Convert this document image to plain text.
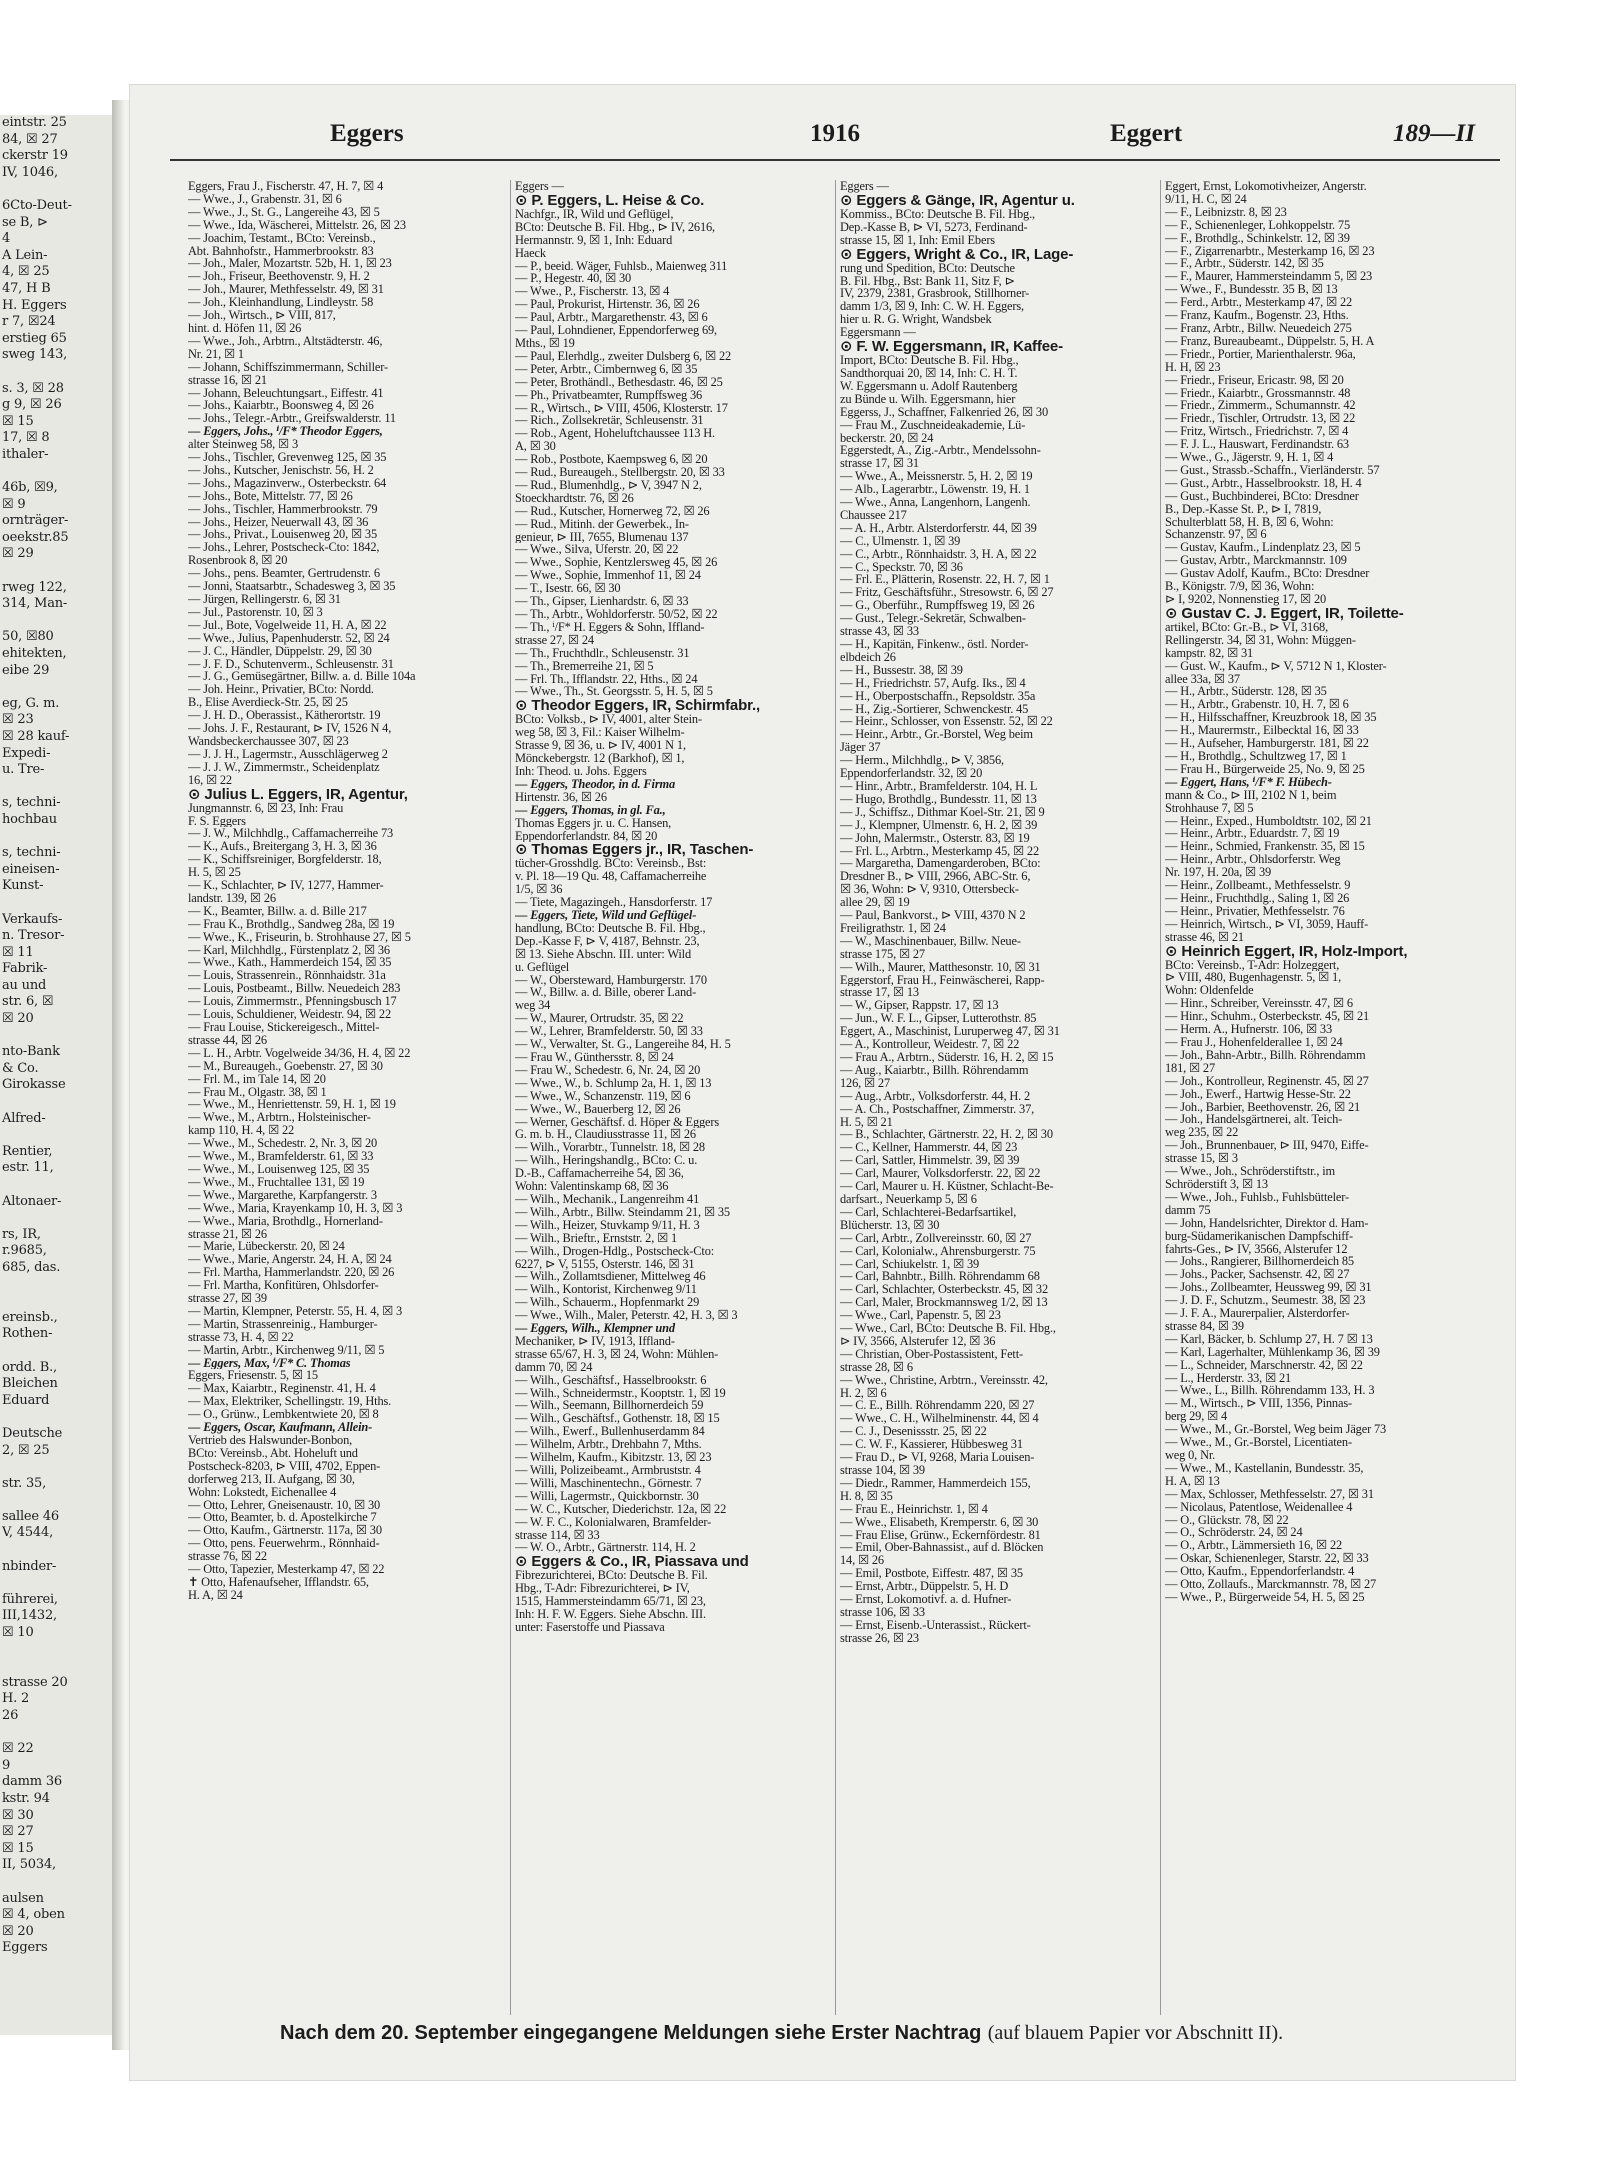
eintstr. 25
84, ☒ 27
ckerstr 19
IV, 1046,

6Cto-Deut-
se B, ⊳
4
A Lein-
4, ☒ 25
47, H B
H. Eggers
r 7, ☒24
erstieg 65
sweg 143,

s. 3, ☒ 28
g 9, ☒ 26
☒ 15
17, ☒ 8
ithaler-

46b, ☒9,
☒ 9
ornträger-
oeekstr.85
☒ 29

rweg 122,
314, Man-

50, ☒80
ehitekten,
eibe 29

eg, G. m.
☒ 23
☒ 28 kauf-
Expedi-
u. Tre-

s, techni-
hochbau

s, techni-
eineisen-
Kunst-

Verkaufs-
n. Tresor-
☒ 11
Fabrik-
au und
str. 6, ☒
☒ 20

nto-Bank
& Co.
Girokasse

Alfred-

Rentier,
estr. 11,

Altonaer-

rs, IR,
r.9685,
685, das.

ereinsb.,
Rothen-

ordd. B.,
Bleichen
Eduard

Deutsche
2, ☒ 25

str. 35,

sallee 46
V, 4544,

nbinder-

führerei,
III,1432,
☒ 10

strasse 20
H. 2
26

☒ 22
9
damm 36
kstr. 94
☒ 30
☒ 27
☒ 15
II, 5034,

aulsen
☒ 4, oben
☒ 20
Eggers
Eggers	1916	Eggert	189—II
Eggers, Frau J., Fischerstr. 47, H. 7, ☒ 4
— Wwe., J., Grabenstr. 31, ☒ 6
— Wwe., J., St. G., Langereihe 43, ☒ 5
— Wwe., Ida, Wäscherei, Mittelstr. 26, ☒ 23
— Joachim, Testamt., BCto: Vereinsb.,
Abt. Bahnhofstr., Hammerbrookstr. 83
— Joh., Maler, Mozartstr. 52b, H. 1, ☒ 23
— Joh., Friseur, Beethovenstr. 9, H. 2
— Joh., Maurer, Methfesselstr. 49, ☒ 31
— Joh., Kleinhandlung, Lindleystr. 58
— Joh., Wirtsch., ⊳ VIII, 817,
hint. d. Höfen 11, ☒ 26
— Wwe., Joh., Arbtrn., Altstädterstr. 46,
Nr. 21, ☒ 1
— Johann, Schiffszimmermann, Schiller-
strasse 16, ☒ 21
— Johann, Beleuchtungsart., Eiffestr. 41
— Johs., Kaiarbtr., Boonsweg 4, ☒ 26
— Johs., Telegr.-Arbtr., Greifswalderstr. 11
— Eggers, Johs., ⁱ/F* Theodor Eggers,
alter Steinweg 58, ☒ 3
— Johs., Tischler, Grevenweg 125, ☒ 35
— Johs., Kutscher, Jenischstr. 56, H. 2
— Johs., Magazinverw., Osterbeckstr. 64
— Johs., Bote, Mittelstr. 77, ☒ 26
— Johs., Tischler, Hammerbrookstr. 79
— Johs., Heizer, Neuerwall 43, ☒ 36
— Johs., Privat., Louisenweg 20, ☒ 35
— Johs., Lehrer, Postscheck-Cto: 1842,
Rosenbrook 8, ☒ 20
— Johs., pens. Beamter, Gertrudenstr. 6
— Jonni, Staatsarbtr., Schadesweg 3, ☒ 35
— Jürgen, Rellingerstr. 6, ☒ 31
— Jul., Pastorenstr. 10, ☒ 3
— Jul., Bote, Vogelweide 11, H. A, ☒ 22
— Wwe., Julius, Papenhuderstr. 52, ☒ 24
— J. C., Händler, Düppelstr. 29, ☒ 30
— J. F. D., Schutenverm., Schleusenstr. 31
— J. G., Gemüsegärtner, Billw. a. d. Bille 104a
— Joh. Heinr., Privatier, BCto: Nordd.
B., Elise Averdieck-Str. 25, ☒ 25
— J. H. D., Oberassist., Kätherortstr. 19
— Johs. J. F., Restaurant, ⊳ IV, 1526 N 4,
Wandsbeckerchaussee 307, ☒ 23
— J. J. H., Lagermstr., Ausschlägerweg 2
— J. J. W., Zimmermstr., Scheidenplatz
16, ☒ 22
⊙ Julius L. Eggers, IR, Agentur,
Jungmannstr. 6, ☒ 23, Inh: Frau
F. S. Eggers
— J. W., Milchhdlg., Caffamacherreihe 73
— K., Aufs., Breitergang 3, H. 3, ☒ 36
— K., Schiffsreiniger, Borgfelderstr. 18,
H. 5, ☒ 25
— K., Schlachter, ⊳ IV, 1277, Hammer-
landstr. 139, ☒ 26
— K., Beamter, Billw. a. d. Bille 217
— Frau K., Brothdlg., Sandweg 28a, ☒ 19
— Wwe., K., Friseurin, b. Strohhause 27, ☒ 5
— Karl, Milchhdlg., Fürstenplatz 2, ☒ 36
— Wwe., Kath., Hammerdeich 154, ☒ 35
— Louis, Strassenrein., Rönnhaidstr. 31a
— Louis, Postbeamt., Billw. Neuedeich 283
— Louis, Zimmermstr., Pfenningsbusch 17
— Louis, Schuldiener, Weidestr. 94, ☒ 22
— Frau Louise, Stickereigesch., Mittel-
strasse 44, ☒ 26
— L. H., Arbtr. Vogelweide 34/36, H. 4, ☒ 22
— M., Bureaugeh., Goebenstr. 27, ☒ 30
— Frl. M., im Tale 14, ☒ 20
— Frau M., Olgastr. 38, ☒ 1
— Wwe., M., Henriettenstr. 59, H. 1, ☒ 19
— Wwe., M., Arbtrn., Holsteinischer-
kamp 110, H. 4, ☒ 22
— Wwe., M., Schedestr. 2, Nr. 3, ☒ 20
— Wwe., M., Bramfelderstr. 61, ☒ 33
— Wwe., M., Louisenweg 125, ☒ 35
— Wwe., M., Fruchtallee 131, ☒ 19
— Wwe., Margarethe, Karpfangerstr. 3
— Wwe., Maria, Krayenkamp 10, H. 3, ☒ 3
— Wwe., Maria, Brothdlg., Hornerland-
strasse 21, ☒ 26
— Marie, Lübeckerstr. 20, ☒ 24
— Wwe., Marie, Angerstr. 24, H. A, ☒ 24
— Frl. Martha, Hammerlandstr. 220, ☒ 26
— Frl. Martha, Konfitüren, Ohlsdorfer-
strasse 27, ☒ 39
— Martin, Klempner, Peterstr. 55, H. 4, ☒ 3
— Martin, Strassenreinig., Hamburger-
strasse 73, H. 4, ☒ 22
— Martin, Arbtr., Kirchenweg 9/11, ☒ 5
— Eggers, Max, ⁱ/F* C. Thomas
Eggers, Friesenstr. 5, ☒ 15
— Max, Kaiarbtr., Reginenstr. 41, H. 4
— Max, Elektriker, Schellingstr. 19, Hths.
— O., Grünw., Lembkentwiete 20, ☒ 8
— Eggers, Oscar, Kaufmann, Allein-
Vertrieb des Halswunder-Bonbon,
BCto: Vereinsb., Abt. Hoheluft und
Postscheck-8203, ⊳ VIII, 4702, Eppen-
dorferweg 213, II. Aufgang, ☒ 30,
Wohn: Lokstedt, Eichenallee 4
— Otto, Lehrer, Gneisenaustr. 10, ☒ 30
— Otto, Beamter, b. d. Apostelkirche 7
— Otto, Kaufm., Gärtnerstr. 117a, ☒ 30
— Otto, pens. Feuerwehrm., Rönnhaid-
strasse 76, ☒ 22
— Otto, Tapezier, Mesterkamp 47, ☒ 22
✝ Otto, Hafenaufseher, Ifflandstr. 65,
H. A, ☒ 24
Eggers —
⊙ P. Eggers, L. Heise & Co.
Nachfgr., IR, Wild und Geflügel,
BCto: Deutsche B. Fil. Hbg., ⊳ IV, 2616,
Hermannstr. 9, ☒ 1, Inh: Eduard
Haeck
— P., beeid. Wäger, Fuhlsb., Maienweg 311
— P., Hegestr. 40, ☒ 30
— Wwe., P., Fischerstr. 13, ☒ 4
— Paul, Prokurist, Hirtenstr. 36, ☒ 26
— Paul, Arbtr., Margarethenstr. 43, ☒ 6
— Paul, Lohndiener, Eppendorferweg 69,
Mths., ☒ 19
— Paul, Elerhdlg., zweiter Dulsberg 6, ☒ 22
— Peter, Arbtr., Cimbernweg 6, ☒ 35
— Peter, Brothändl., Bethesdastr. 46, ☒ 25
— Ph., Privatbeamter, Rumpffsweg 36
— R., Wirtsch., ⊳ VIII, 4506, Klosterstr. 17
— Rich., Zollsekretär, Schleusenstr. 31
— Rob., Agent, Hoheluftchaussee 113 H.
A, ☒ 30
— Rob., Postbote, Kaempsweg 6, ☒ 20
— Rud., Bureaugeh., Stellbergstr. 20, ☒ 33
— Rud., Blumenhdlg., ⊳ V, 3947 N 2,
Stoeckhardtstr. 76, ☒ 26
— Rud., Kutscher, Hornerweg 72, ☒ 26
— Rud., Mitinh. der Gewerbek., In-
genieur, ⊳ III, 7655, Blumenau 137
— Wwe., Silva, Uferstr. 20, ☒ 22
— Wwe., Sophie, Kentzlersweg 45, ☒ 26
— Wwe., Sophie, Immenhof 11, ☒ 24
— T., Isestr. 66, ☒ 30
— Th., Gipser, Lienhardstr. 6, ☒ 33
— Th., Arbtr., Wohldorferstr. 50/52, ☒ 22
— Th., ⁱ/F* H. Eggers & Sohn, Iffland-
strasse 27, ☒ 24
— Th., Fruchthdlr., Schleusenstr. 31
— Th., Bremerreihe 21, ☒ 5
— Frl. Th., Ifflandstr. 22, Hths., ☒ 24
— Wwe., Th., St. Georgsstr. 5, H. 5, ☒ 5
⊙ Theodor Eggers, IR, Schirmfabr.,
BCto: Volksb., ⊳ IV, 4001, alter Stein-
weg 58, ☒ 3, Fil.: Kaiser Wilhelm-
Strasse 9, ☒ 36, u. ⊳ IV, 4001 N 1,
Mönckebergstr. 12 (Barkhof), ☒ 1,
Inh: Theod. u. Johs. Eggers
— Eggers, Theodor, in d. Firma
Hirtenstr. 36, ☒ 26
— Eggers, Thomas, in gl. Fa.,
Thomas Eggers jr. u. C. Hansen,
Eppendorferlandstr. 84, ☒ 20
⊙ Thomas Eggers jr., IR, Taschen-
tücher-Grosshdlg. BCto: Vereinsb., Bst:
v. Pl. 18—19 Qu. 48, Caffamacherreihe
1/5, ☒ 36
— Tiete, Magazingeh., Hansdorferstr. 17
— Eggers, Tiete, Wild und Geflügel-
handlung, BCto: Deutsche B. Fil. Hbg.,
Dep.-Kasse F, ⊳ V, 4187, Behnstr. 23,
☒ 13. Siehe Abschn. III. unter: Wild
u. Geflügel
— W., Obersteward, Hamburgerstr. 170
— W., Billw. a. d. Bille, oberer Land-
weg 34
— W., Maurer, Ortrudstr. 35, ☒ 22
— W., Lehrer, Bramfelderstr. 50, ☒ 33
— W., Verwalter, St. G., Langereihe 84, H. 5
— Frau W., Günthersstr. 8, ☒ 24
— Frau W., Schedestr. 6, Nr. 24, ☒ 20
— Wwe., W., b. Schlump 2a, H. 1, ☒ 13
— Wwe., W., Schanzenstr. 119, ☒ 6
— Wwe., W., Bauerberg 12, ☒ 26
— Werner, Geschäftsf. d. Höper & Eggers
G. m. b. H., Claudiusstrasse 11, ☒ 26
— Wilh., Vorarbtr., Tunnelstr. 18, ☒ 28
— Wilh., Heringshandlg., BCto: C. u.
D.-B., Caffamacherreihe 54, ☒ 36,
Wohn: Valentinskamp 68, ☒ 36
— Wilh., Mechanik., Langenreihm 41
— Wilh., Arbtr., Billw. Steindamm 21, ☒ 35
— Wilh., Heizer, Stuvkamp 9/11, H. 3
— Wilh., Brieftr., Ernststr. 2, ☒ 1
— Wilh., Drogen-Hdlg., Postscheck-Cto:
6227, ⊳ V, 5155, Osterstr. 146, ☒ 31
— Wilh., Zollamtsdiener, Mittelweg 46
— Wilh., Kontorist, Kirchenweg 9/11
— Wilh., Schauerm., Hopfenmarkt 29
— Wwe., Wilh., Maler, Peterstr. 42, H. 3, ☒ 3
— Eggers, Wilh., Klempner und
Mechaniker, ⊳ IV, 1913, Iffland-
strasse 65/67, H. 3, ☒ 24, Wohn: Mühlen-
damm 70, ☒ 24
— Wilh., Geschäftsf., Hasselbrookstr. 6
— Wilh., Schneidermstr., Kooptstr. 1, ☒ 19
— Wilh., Seemann, Billhornerdeich 59
— Wilh., Geschäftsf., Gothenstr. 18, ☒ 15
— Wilh., Ewerf., Bullenhuserdamm 84
— Wilhelm, Arbtr., Drehbahn 7, Mths.
— Wilhelm, Kaufm., Kibitzstr. 13, ☒ 23
— Willi, Polizeibeamt., Armbruststr. 4
— Willi, Maschinentechn., Görnestr. 7
— Willi, Lagermstr., Quickbornstr. 30
— W. C., Kutscher, Diederichstr. 12a, ☒ 22
— W. F. C., Kolonialwaren, Bramfelder-
strasse 114, ☒ 33
— W. O., Arbtr., Gärtnerstr. 114, H. 2
⊙ Eggers & Co., IR, Piassava und
Fibrezurichterei, BCto: Deutsche B. Fil.
Hbg., T-Adr: Fibrezurichterei, ⊳ IV,
1515, Hammersteindamm 65/71, ☒ 23,
Inh: H. F. W. Eggers. Siehe Abschn. III.
unter: Faserstoffe und Piassava
Eggers —
⊙ Eggers & Gänge, IR, Agentur u.
Kommiss., BCto: Deutsche B. Fil. Hbg.,
Dep.-Kasse B, ⊳ VI, 5273, Ferdinand-
strasse 15, ☒ 1, Inh: Emil Ebers
⊙ Eggers, Wright & Co., IR, Lage-
rung und Spedition, BCto: Deutsche
B. Fil. Hbg., Bst: Bank 11, Sitz F, ⊳
IV, 2379, 2381, Grasbrook, Stillhorner-
damm 1/3, ☒ 9, Inh: C. W. H. Eggers,
hier u. R. G. Wright, Wandsbek
Eggersmann —
⊙ F. W. Eggersmann, IR, Kaffee-
Import, BCto: Deutsche B. Fil. Hbg.,
Sandthorquai 20, ☒ 14, Inh: C. H. T.
W. Eggersmann u. Adolf Rautenberg
zu Bünde u. Wilh. Eggersmann, hier
Eggerss, J., Schaffner, Falkenried 26, ☒ 30
— Frau M., Zuschneideakademie, Lü-
beckerstr. 20, ☒ 24
Eggerstedt, A., Zig.-Arbtr., Mendelssohn-
strasse 17, ☒ 31
— Wwe., A., Meissnerstr. 5, H. 2, ☒ 19
— Alb., Lagerarbtr., Löwenstr. 19, H. 1
— Wwe., Anna, Langenhorn, Langenh.
Chaussee 217
— A. H., Arbtr. Alsterdorferstr. 44, ☒ 39
— C., Ulmenstr. 1, ☒ 39
— C., Arbtr., Rönnhaidstr. 3, H. A, ☒ 22
— C., Speckstr. 70, ☒ 36
— Frl. E., Plätterin, Rosenstr. 22, H. 7, ☒ 1
— Fritz, Geschäftsführ., Stresowstr. 6, ☒ 27
— G., Oberführ., Rumpffsweg 19, ☒ 26
— Gust., Telegr.-Sekretär, Schwalben-
strasse 43, ☒ 33
— H., Kapitän, Finkenw., östl. Norder-
elbdeich 26
— H., Bussestr. 38, ☒ 39
— H., Friedrichstr. 57, Aufg. Iks., ☒ 4
— H., Oberpostschaffn., Repsoldstr. 35a
— H., Zig.-Sortierer, Schwenckestr. 45
— Heinr., Schlosser, von Essenstr. 52, ☒ 22
— Heinr., Arbtr., Gr.-Borstel, Weg beim
Jäger 37
— Herm., Milchhdlg., ⊳ V, 3856,
Eppendorferlandstr. 32, ☒ 20
— Hinr., Arbtr., Bramfelderstr. 104, H. L
— Hugo, Brothdlg., Bundesstr. 11, ☒ 13
— J., Schiffsz., Dithmar Koel-Str. 21, ☒ 9
— J., Klempner, Ulmenstr. 6, H. 2, ☒ 39
— John, Malermstr., Osterstr. 83, ☒ 19
— Frl. L., Arbtrn., Mesterkamp 45, ☒ 22
— Margaretha, Damengarderoben, BCto:
Dresdner B., ⊳ VIII, 2966, ABC-Str. 6,
☒ 36, Wohn: ⊳ V, 9310, Ottersbeck-
allee 29, ☒ 19
— Paul, Bankvorst., ⊳ VIII, 4370 N 2
Freiligrathstr. 1, ☒ 24
— W., Maschinenbauer, Billw. Neue-
strasse 175, ☒ 27
— Wilh., Maurer, Matthesonstr. 10, ☒ 31
Eggerstorf, Frau H., Feinwäscherei, Rapp-
strasse 17, ☒ 13
— W., Gipser, Rappstr. 17, ☒ 13
— Jun., W. F. L., Gipser, Lutterothstr. 85
Eggert, A., Maschinist, Luruperweg 47, ☒ 31
— A., Kontrolleur, Weidestr. 7, ☒ 22
— Frau A., Arbtrn., Süderstr. 16, H. 2, ☒ 15
— Aug., Kaiarbtr., Billh. Röhrendamm
126, ☒ 27
— Aug., Arbtr., Volksdorferstr. 44, H. 2
— A. Ch., Postschaffner, Zimmerstr. 37,
H. 5, ☒ 21
— B., Schlachter, Gärtnerstr. 22, H. 2, ☒ 30
— C., Kellner, Hammerstr. 44, ☒ 23
— Carl, Sattler, Himmelstr. 39, ☒ 39
— Carl, Maurer, Volksdorferstr. 22, ☒ 22
— Carl, Maurer u. H. Küstner, Schlacht-Be-
darfsart., Neuerkamp 5, ☒ 6
— Carl, Schlachterei-Bedarfsartikel,
Blücherstr. 13, ☒ 30
— Carl, Arbtr., Zollvereinsstr. 60, ☒ 27
— Carl, Kolonialw., Ahrensburgerstr. 75
— Carl, Schiukelstr. 1, ☒ 39
— Carl, Bahnbtr., Billh. Röhrendamm 68
— Carl, Schlachter, Osterbeckstr. 45, ☒ 32
— Carl, Maler, Brockmannsweg 1/2, ☒ 13
— Wwe., Carl, Papenstr. 5, ☒ 23
— Wwe., Carl, BCto: Deutsche B. Fil. Hbg.,
⊳ IV, 3566, Alsterufer 12, ☒ 36
— Christian, Ober-Postassistent, Fett-
strasse 28, ☒ 6
— Wwe., Christine, Arbtrn., Vereinsstr. 42,
H. 2, ☒ 6
— C. E., Billh. Röhrendamm 220, ☒ 27
— Wwe., C. H., Wilhelminenstr. 44, ☒ 4
— C. J., Desenissstr. 25, ☒ 22
— C. W. F., Kassierer, Hübbesweg 31
— Frau D., ⊳ VI, 9268, Maria Louisen-
strasse 104, ☒ 39
— Diedr., Rammer, Hammerdeich 155,
H. 8, ☒ 35
— Frau E., Heinrichstr. 1, ☒ 4
— Wwe., Elisabeth, Kremperstr. 6, ☒ 30
— Frau Elise, Grünw., Eckernfördestr. 81
— Emil, Ober-Bahnassist., auf d. Blöcken
14, ☒ 26
— Emil, Postbote, Eiffestr. 487, ☒ 35
— Ernst, Arbtr., Düppelstr. 5, H. D
— Ernst, Lokomotivf. a. d. Hufner-
strasse 106, ☒ 33
— Ernst, Eisenb.-Unterassist., Rückert-
strasse 26, ☒ 23
Eggert, Ernst, Lokomotivheizer, Angerstr.
9/11, H. C, ☒ 24
— F., Leibnizstr. 8, ☒ 23
— F., Schienenleger, Lohkoppelstr. 75
— F., Brothdlg., Schinkelstr. 12, ☒ 39
— F., Zigarrenarbtr., Mesterkamp 16, ☒ 23
— F., Arbtr., Süderstr. 142, ☒ 35
— F., Maurer, Hammersteindamm 5, ☒ 23
— Wwe., F., Bundesstr. 35 B, ☒ 13
— Ferd., Arbtr., Mesterkamp 47, ☒ 22
— Franz, Kaufm., Bogenstr. 23, Hths.
— Franz, Arbtr., Billw. Neuedeich 275
— Franz, Bureaubeamt., Düppelstr. 5, H. A
— Friedr., Portier, Marienthalerstr. 96a,
H. H, ☒ 23
— Friedr., Friseur, Ericastr. 98, ☒ 20
— Friedr., Kaiarbtr., Grossmannstr. 48
— Friedr., Zimmerm., Schumannstr. 42
— Friedr., Tischler, Ortrudstr. 13, ☒ 22
— Fritz, Wirtsch., Friedrichstr. 7, ☒ 4
— F. J. L., Hauswart, Ferdinandstr. 63
— Wwe., G., Jägerstr. 9, H. 1, ☒ 4
— Gust., Strassb.-Schaffn., Vierländerstr. 57
— Gust., Arbtr., Hasselbrookstr. 18, H. 4
— Gust., Buchbinderei, BCto: Dresdner
B., Dep.-Kasse St. P., ⊳ I, 7819,
Schulterblatt 58, H. B, ☒ 6, Wohn:
Schanzenstr. 97, ☒ 6
— Gustav, Kaufm., Lindenplatz 23, ☒ 5
— Gustav, Arbtr., Marckmannstr. 109
— Gustav Adolf, Kaufm., BCto: Dresdner
B., Königstr. 7/9, ☒ 36, Wohn:
⊳ I, 9202, Nonnenstieg 17, ☒ 20
⊙ Gustav C. J. Eggert, IR, Toilette-
artikel, BCto: Gr.-B., ⊳ VI, 3168,
Rellingerstr. 34, ☒ 31, Wohn: Müggen-
kampstr. 82, ☒ 31
— Gust. W., Kaufm., ⊳ V, 5712 N 1, Kloster-
allee 33a, ☒ 37
— H., Arbtr., Süderstr. 128, ☒ 35
— H., Arbtr., Grabenstr. 10, H. 7, ☒ 6
— H., Hilfsschaffner, Kreuzbrook 18, ☒ 35
— H., Maurermstr., Eilbecktal 16, ☒ 33
— H., Aufseher, Hamburgerstr. 181, ☒ 22
— H., Brothdlg., Schultzweg 17, ☒ 1
— Frau H., Bürgerweide 25, No. 9, ☒ 25
— Eggert, Hans, ⁱ/F* F. Hübech-
mann & Co., ⊳ III, 2102 N 1, beim
Strohhause 7, ☒ 5
— Heinr., Exped., Humboldtstr. 102, ☒ 21
— Heinr., Arbtr., Eduardstr. 7, ☒ 19
— Heinr., Schmied, Frankenstr. 35, ☒ 15
— Heinr., Arbtr., Ohlsdorferstr. Weg
Nr. 197, H. 20a, ☒ 39
— Heinr., Zollbeamt., Methfesselstr. 9
— Heinr., Fruchthdlg., Saling 1, ☒ 26
— Heinr., Privatier, Methfesselstr. 76
— Heinrich, Wirtsch., ⊳ VI, 3059, Hauff-
strasse 46, ☒ 21
⊙ Heinrich Eggert, IR, Holz-Import,
BCto: Vereinsb., T-Adr: Holzeggert,
⊳ VIII, 480, Bugenhagenstr. 5, ☒ 1,
Wohn: Oldenfelde
— Hinr., Schreiber, Vereinsstr. 47, ☒ 6
— Hinr., Schuhm., Osterbeckstr. 45, ☒ 21
— Herm. A., Hufnerstr. 106, ☒ 33
— Frau J., Hohenfelderallee 1, ☒ 24
— Joh., Bahn-Arbtr., Billh. Röhrendamm
181, ☒ 27
— Joh., Kontrolleur, Reginenstr. 45, ☒ 27
— Joh., Ewerf., Hartwig Hesse-Str. 22
— Joh., Barbier, Beethovenstr. 26, ☒ 21
— Joh., Handelsgärtnerei, alt. Teich-
weg 235, ☒ 22
— Joh., Brunnenbauer, ⊳ III, 9470, Eiffe-
strasse 15, ☒ 3
— Wwe., Joh., Schröderstiftstr., im
Schröderstift 3, ☒ 13
— Wwe., Joh., Fuhlsb., Fuhlsbütteler-
damm 75
— John, Handelsrichter, Direktor d. Ham-
burg-Südamerikanischen Dampfschiff-
fahrts-Ges., ⊳ IV, 3566, Alsterufer 12
— Johs., Rangierer, Billhornerdeich 85
— Johs., Packer, Sachsenstr. 42, ☒ 27
— Johs., Zollbeamter, Heussweg 99, ☒ 31
— J. D. F., Schutzm., Seumestr. 38, ☒ 23
— J. F. A., Maurerpalier, Alsterdorfer-
strasse 84, ☒ 39
— Karl, Bäcker, b. Schlump 27, H. 7 ☒ 13
— Karl, Lagerhalter, Mühlenkamp 36, ☒ 39
— L., Schneider, Marschnerstr. 42, ☒ 22
— L., Herderstr. 33, ☒ 21
— Wwe., L., Billh. Röhrendamm 133, H. 3
— M., Wirtsch., ⊳ VIII, 1356, Pinnas-
berg 29, ☒ 4
— Wwe., M., Gr.-Borstel, Weg beim Jäger 73
— Wwe., M., Gr.-Borstel, Licentiaten-
weg 0, Nr.
— Wwe., M., Kastellanin, Bundesstr. 35,
H. A, ☒ 13
— Max, Schlosser, Methfesselstr. 27, ☒ 31
— Nicolaus, Patentlose, Weidenallee 4
— O., Glückstr. 78, ☒ 22
— O., Schröderstr. 24, ☒ 24
— O., Arbtr., Lämmersieth 16, ☒ 22
— Oskar, Schienenleger, Starstr. 22, ☒ 33
— Otto, Kaufm., Eppendorferlandstr. 4
— Otto, Zollaufs., Marckmannstr. 78, ☒ 27
— Wwe., P., Bürgerweide 54, H. 5, ☒ 25
Nach dem 20. September eingegangene Meldungen siehe Erster Nachtrag (auf blauem Papier vor Abschnitt II).
